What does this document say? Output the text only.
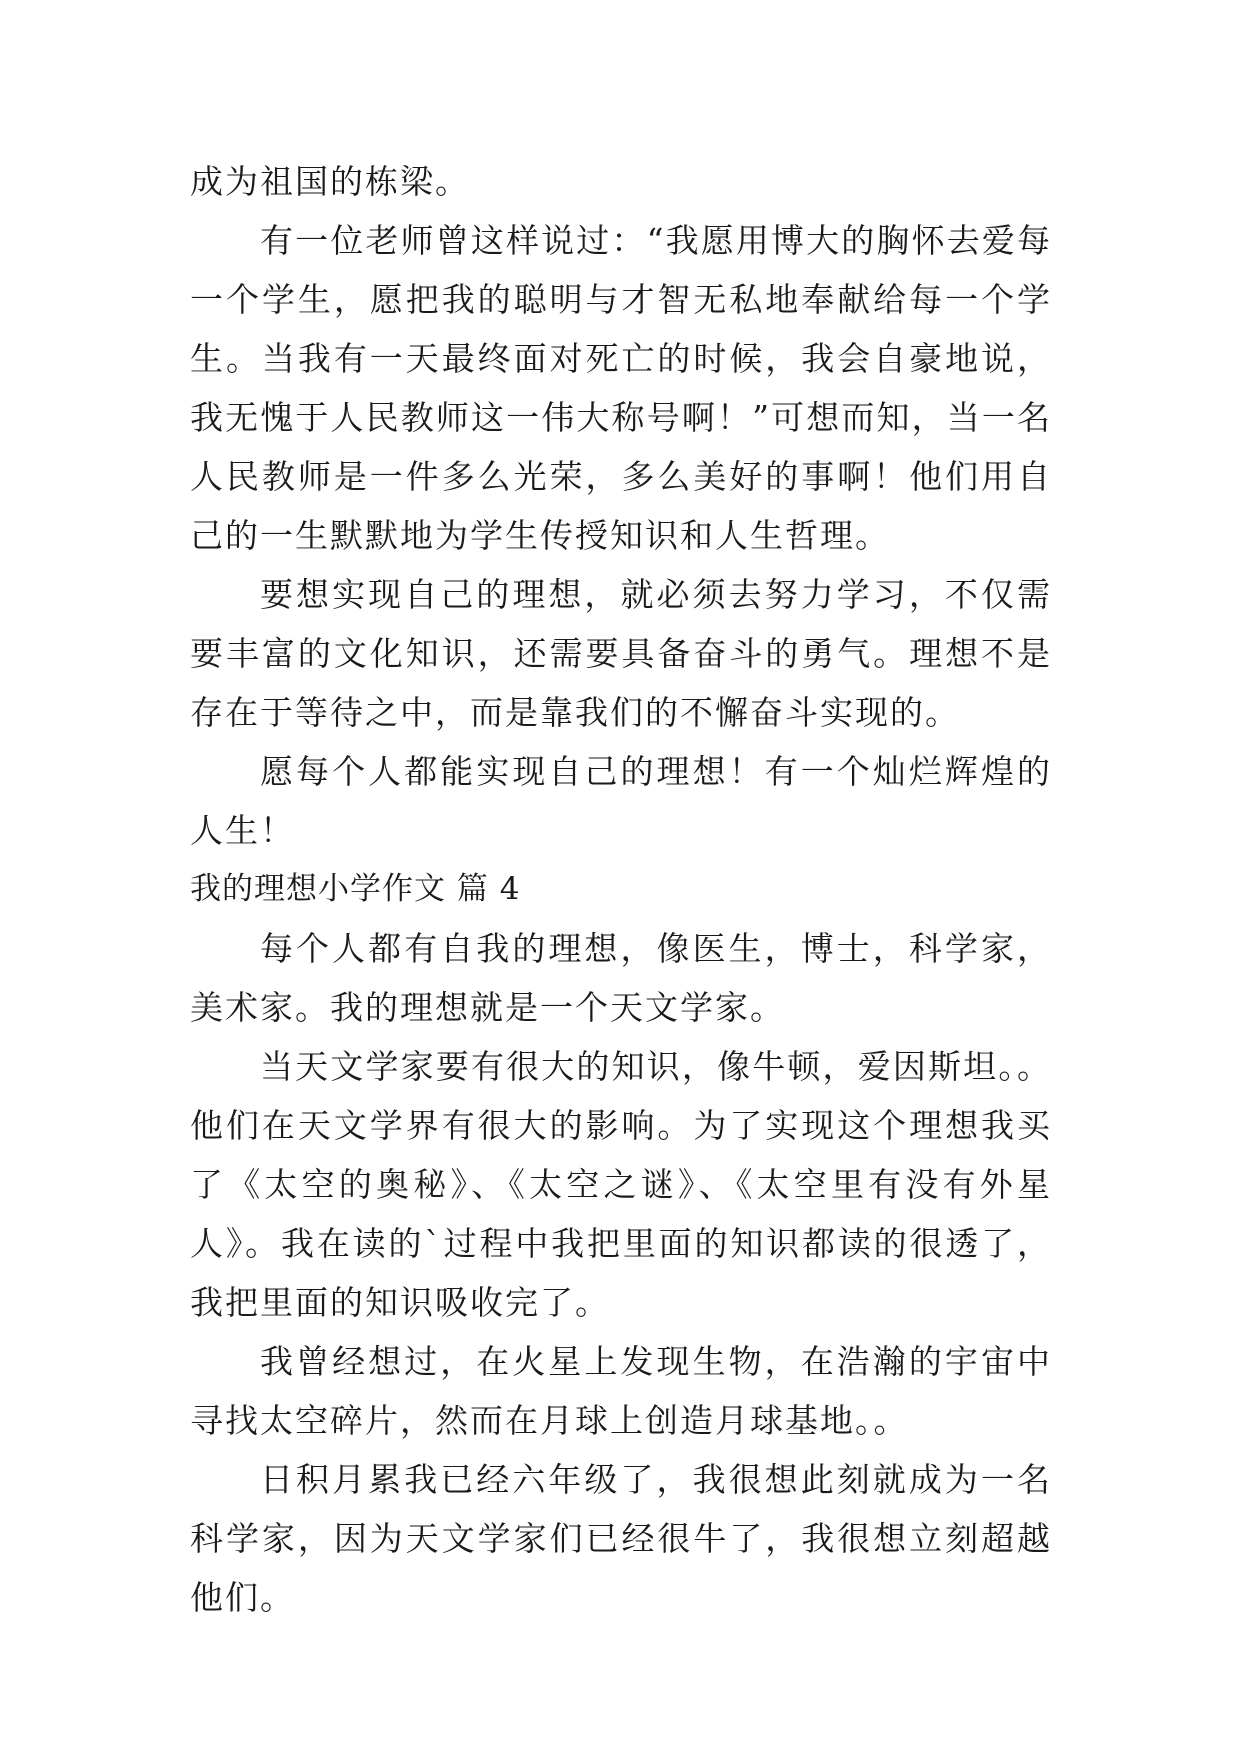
成为祖国的栋梁。

有一位老师曾这样说过：“我愿用博大的胸怀去爱每一个学生，愿把我的聪明与才智无私地奉献给每一个学生。当我有一天最终面对死亡的时候，我会自豪地说，我无愧于人民教师这一伟大称号啊！”可想而知，当一名人民教师是一件多么光荣，多么美好的事啊！他们用自己的一生默默地为学生传授知识和人生哲理。

要想实现自己的理想，就必须去努力学习，不仅需要丰富的文化知识，还需要具备奋斗的勇气。理想不是存在于等待之中，而是靠我们的不懈奋斗实现的。

愿每个人都能实现自己的理想！有一个灿烂辉煌的人生！

我的理想小学作文 篇 4

每个人都有自我的理想，像医生，博士，科学家，美术家。我的理想就是一个天文学家。

当天文学家要有很大的知识，像牛顿，爱因斯坦。。他们在天文学界有很大的影响。为了实现这个理想我买了《太空的奥秘》、《太空之谜》、《太空里有没有外星人》。我在读的`过程中我把里面的知识都读的很透了，我把里面的知识吸收完了。

我曾经想过，在火星上发现生物，在浩瀚的宇宙中寻找太空碎片，然而在月球上创造月球基地。。

日积月累我已经六年级了，我很想此刻就成为一名科学家，因为天文学家们已经很牛了，我很想立刻超越他们。
